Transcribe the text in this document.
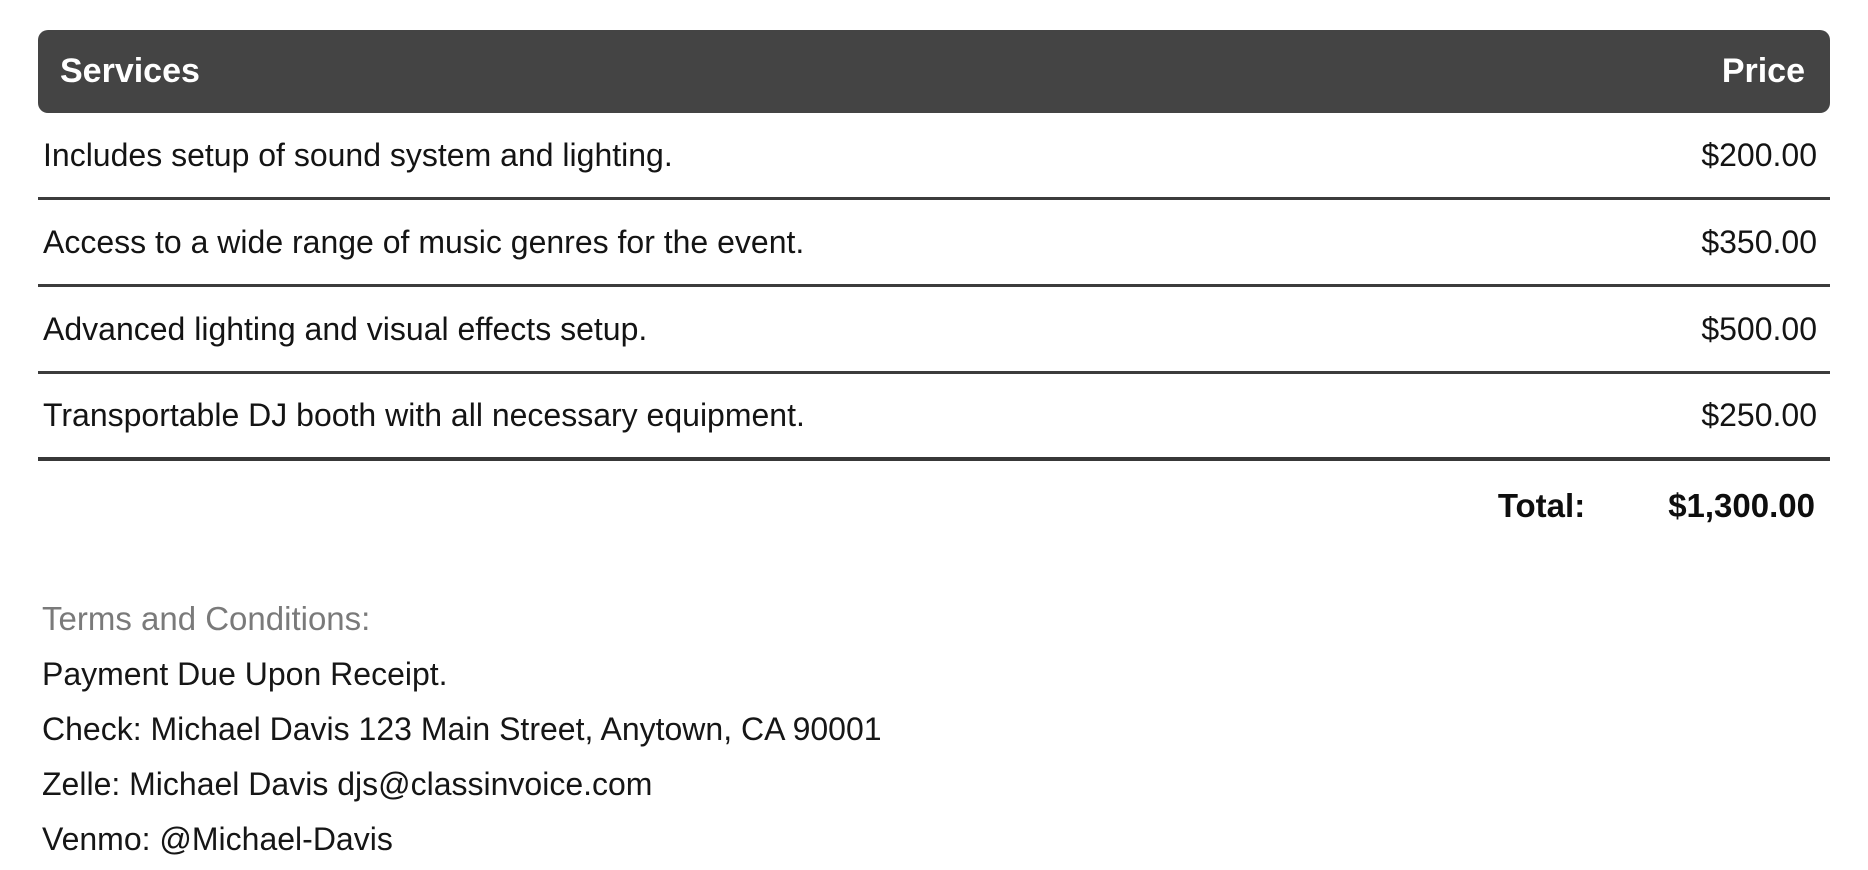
Services	Price
Includes setup of sound system and lighting.	$200.00
Access to a wide range of music genres for the event.	$350.00
Advanced lighting and visual effects setup.	$500.00
Transportable DJ booth with all necessary equipment.	$250.00
Total:	$1,300.00
Terms and Conditions:
Payment Due Upon Receipt.
Check: Michael Davis 123 Main Street, Anytown, CA 90001
Zelle: Michael Davis djs@classinvoice.com
Venmo: @Michael-Davis
